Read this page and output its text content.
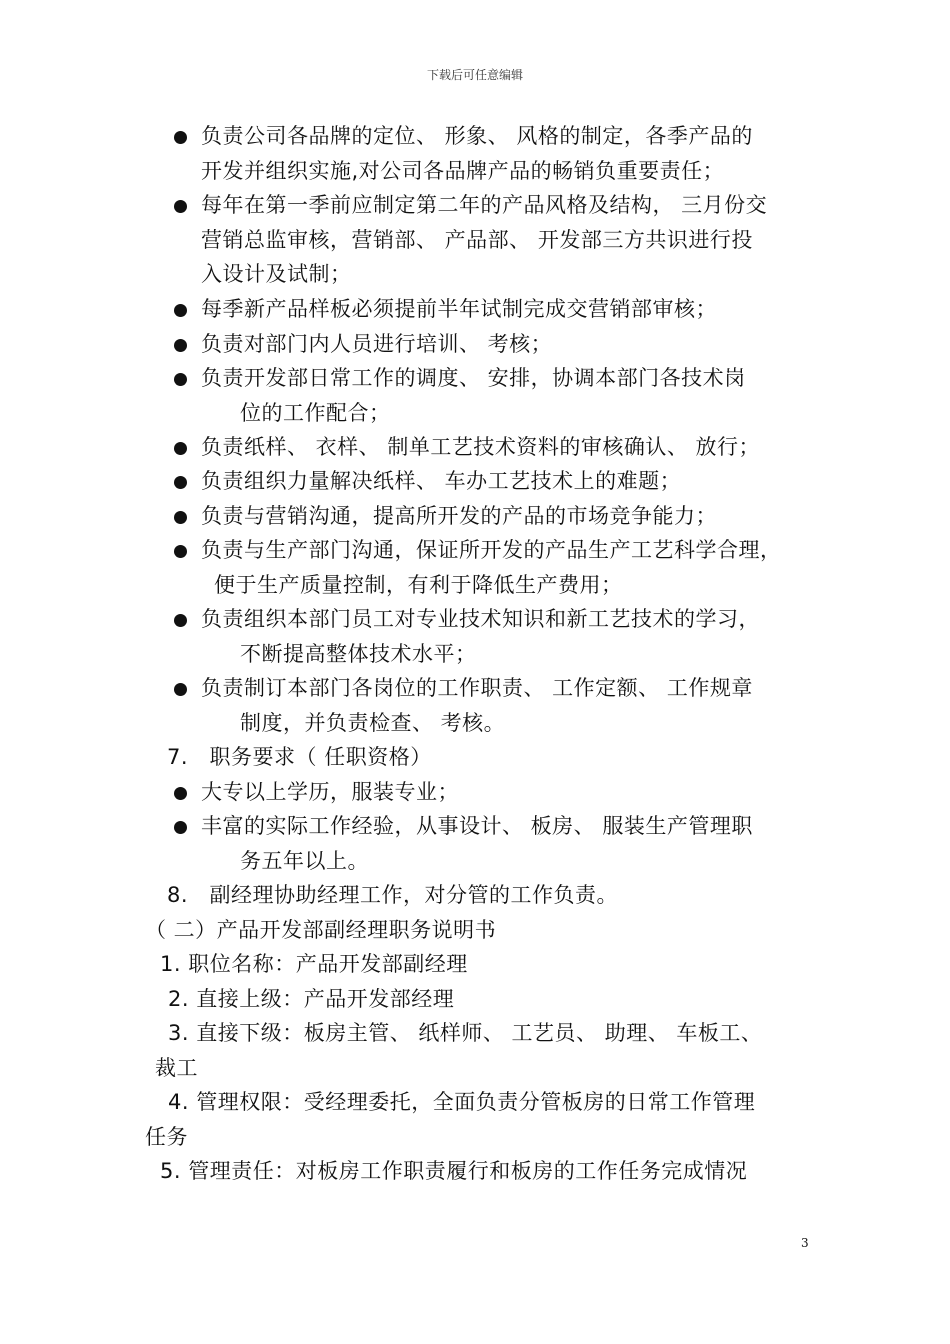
下载后可任意编辑
负责公司各品牌的定位、 形象、 风格的制定，各季产品的
开发并组织实施,对公司各品牌产品的畅销负重要责任；
每年在第一季前应制定第二年的产品风格及结构， 三月份交
营销总监审核，营销部、 产品部、 开发部三方共识进行投
入设计及试制；
每季新产品样板必须提前半年试制完成交营销部审核；
负责对部门内人员进行培训、 考核；
负责开发部日常工作的调度、 安排，协调本部门各技术岗
位的工作配合；
负责纸样、 衣样、 制单工艺技术资料的审核确认、 放行；
负责组织力量解决纸样、 车办工艺技术上的难题；
负责与营销沟通，提高所开发的产品的市场竞争能力；
负责与生产部门沟通，保证所开发的产品生产工艺科学合理，
便于生产质量控制，有利于降低生产费用；
负责组织本部门员工对专业技术知识和新工艺技术的学习，
不断提高整体技术水平；
负责制订本部门各岗位的工作职责、 工作定额、 工作规章
制度，并负责检查、 考核。
7.　职务要求（ 任职资格）
大专以上学历，服装专业；
丰富的实际工作经验，从事设计、 板房、 服装生产管理职
务五年以上。
8.　副经理协助经理工作，对分管的工作负责。
（ 二）产品开发部副经理职务说明书
1. 职位名称：产品开发部副经理
2. 直接上级：产品开发部经理
3. 直接下级：板房主管、 纸样师、 工艺员、 助理、 车板工、
裁工
4. 管理权限：受经理委托，全面负责分管板房的日常工作管理
任务
5. 管理责任：对板房工作职责履行和板房的工作任务完成情况
3
